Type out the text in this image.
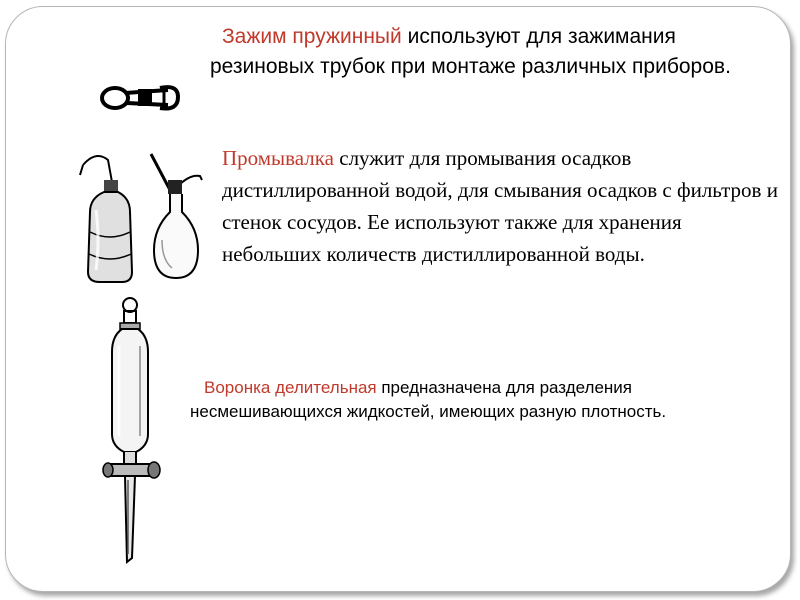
Зажим пружинный используют для зажимания резиновых трубок при монтаже различных приборов.

Промывалка служит для промывания осадков дистиллированной водой, для смывания осадков с фильтров и стенок сосудов. Ее используют также для хранения небольших количеств дистиллированной воды.

Воронка делительная предназначена для разделения несмешивающихся жидкостей, имеющих разную плотность.
